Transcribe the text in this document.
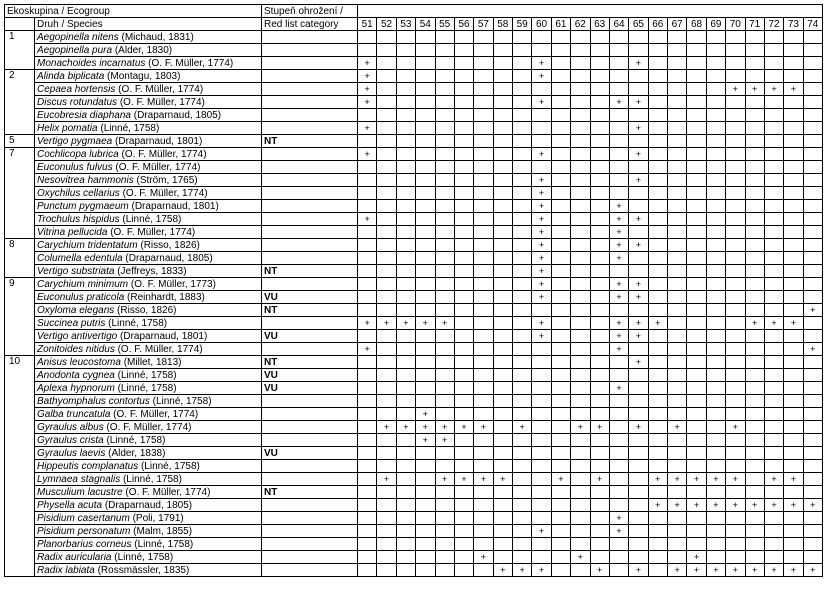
Ekoskupina / Ecogroup		Stupeň ohrožení /																								
	Druh / Species	Red list category	51	52	53	54	55	56	57	58	59	60	61	62	63	64	65	66	67	68	69	70	71	72	73	74
1	Aegopinella nitens (Michaud, 1831)																									
	Aegopinella pura (Alder, 1830)																									
	Monachoides incarnatus (O. F. Müller, 1774)		+									+					+									
2	Alinda biplicata (Montagu, 1803)		+									+														
	Cepaea hortensis (O. F. Müller, 1774)		+																			+	+	+	+	
	Discus rotundatus (O. F. Müller, 1774)		+									+				+	+									
	Eucobresia diaphana (Draparnaud, 1805)																									
	Helix pomatia (Linné, 1758)		+														+									
5	Vertigo pygmaea (Draparnaud, 1801)	NT																								
7	Cochlicopa lubrica (O. F. Müller, 1774)		+									+					+									
	Euconulus fulvus (O. F. Müller, 1774)																									
	Nesovitrea hammonis (Ström, 1765)											+					+									
	Oxychilus cellarius (O. F. Müller, 1774)											+														
	Punctum pygmaeum (Draparnaud, 1801)											+				+										
	Trochulus hispidus (Linné, 1758)		+									+				+	+									
	Vitrina pellucida (O. F. Müller, 1774)											+				+										
8	Carychium tridentatum (Risso, 1826)											+				+	+									
	Columella edentula (Draparnaud, 1805)											+				+										
	Vertigo substriata (Jeffreys, 1833)	NT										+														
9	Carychium minimum (O. F. Müller, 1773)											+				+	+									
	Euconulus praticola (Reinhardt, 1883)	VU										+				+	+									
	Oxyloma elegans (Risso, 1826)	NT																								+
	Succinea putris (Linné, 1758)		+	+	+	+	+					+				+	+	+					+	+	+	
	Vertigo antivertigo (Draparnaud, 1801)	VU										+				+	+									
	Zonitoides nitidus (O. F. Müller, 1774)		+													+										+
10	Anisus leucostoma (Millet, 1813)	NT															+									
	Anodonta cygnea (Linné, 1758)	VU																								
	Aplexa hypnorum (Linné, 1758)	VU														+										
	Bathyomphalus contortus (Linné, 1758)																									
	Galba truncatula (O. F. Müller, 1774)					+																				
	Gyraulus albus (O. F. Müller, 1774)			+	+	+	+	+	+		+			+	+		+		+			+				
	Gyraulus crista (Linné, 1758)					+	+																			
	Gyraulus laevis (Alder, 1838)	VU																								
	Hippeutis complanatus (Linné, 1758)																									
	Lymnaea stagnalis (Linné, 1758)			+			+	+	+	+			+		+			+	+	+	+	+		+	+	
	Musculium lacustre (O. F. Müller, 1774)	NT																								
	Physella acuta (Draparnaud, 1805)																	+	+	+	+	+	+	+	+	+
	Pisidium casertanum (Poli, 1791)															+										
	Pisidium personatum (Malm, 1855)											+				+										
	Planorbarius corneus (Linné, 1758)																									
	Radix auricularia (Linné, 1758)								+					+						+						
	Radix labiata (Rossmässler, 1835)									+	+	+			+		+		+	+	+	+	+	+	+	+
